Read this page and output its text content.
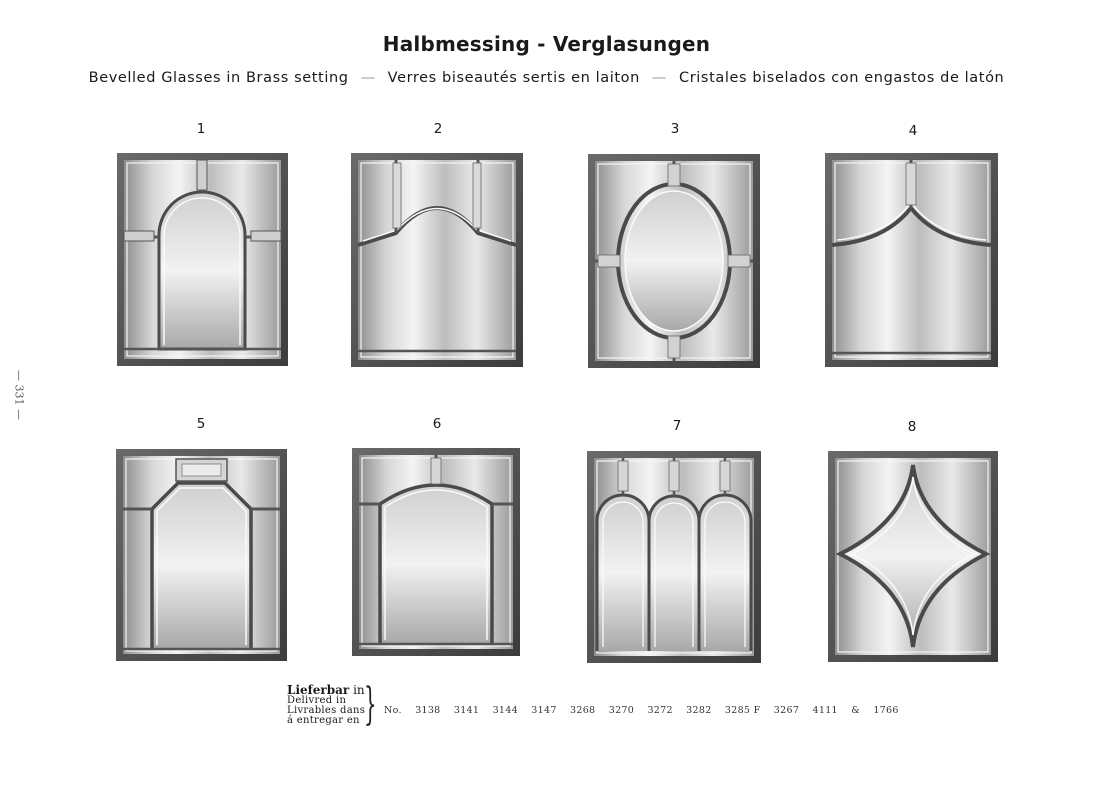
Halbmessing - Verglasungen
Bevelled Glasses in Brass setting — Verres biseautés sertis en laiton — Cristales biselados con engastos de latón
— 331 —
1	2	3	4
5	6	7	8
Lieferbar in
Delivred in
Livrables dans
á entregar en } No. 3138 3141 3144 3147 3268 3270 3272 3282 3285 F 3267 4111 & 1766
